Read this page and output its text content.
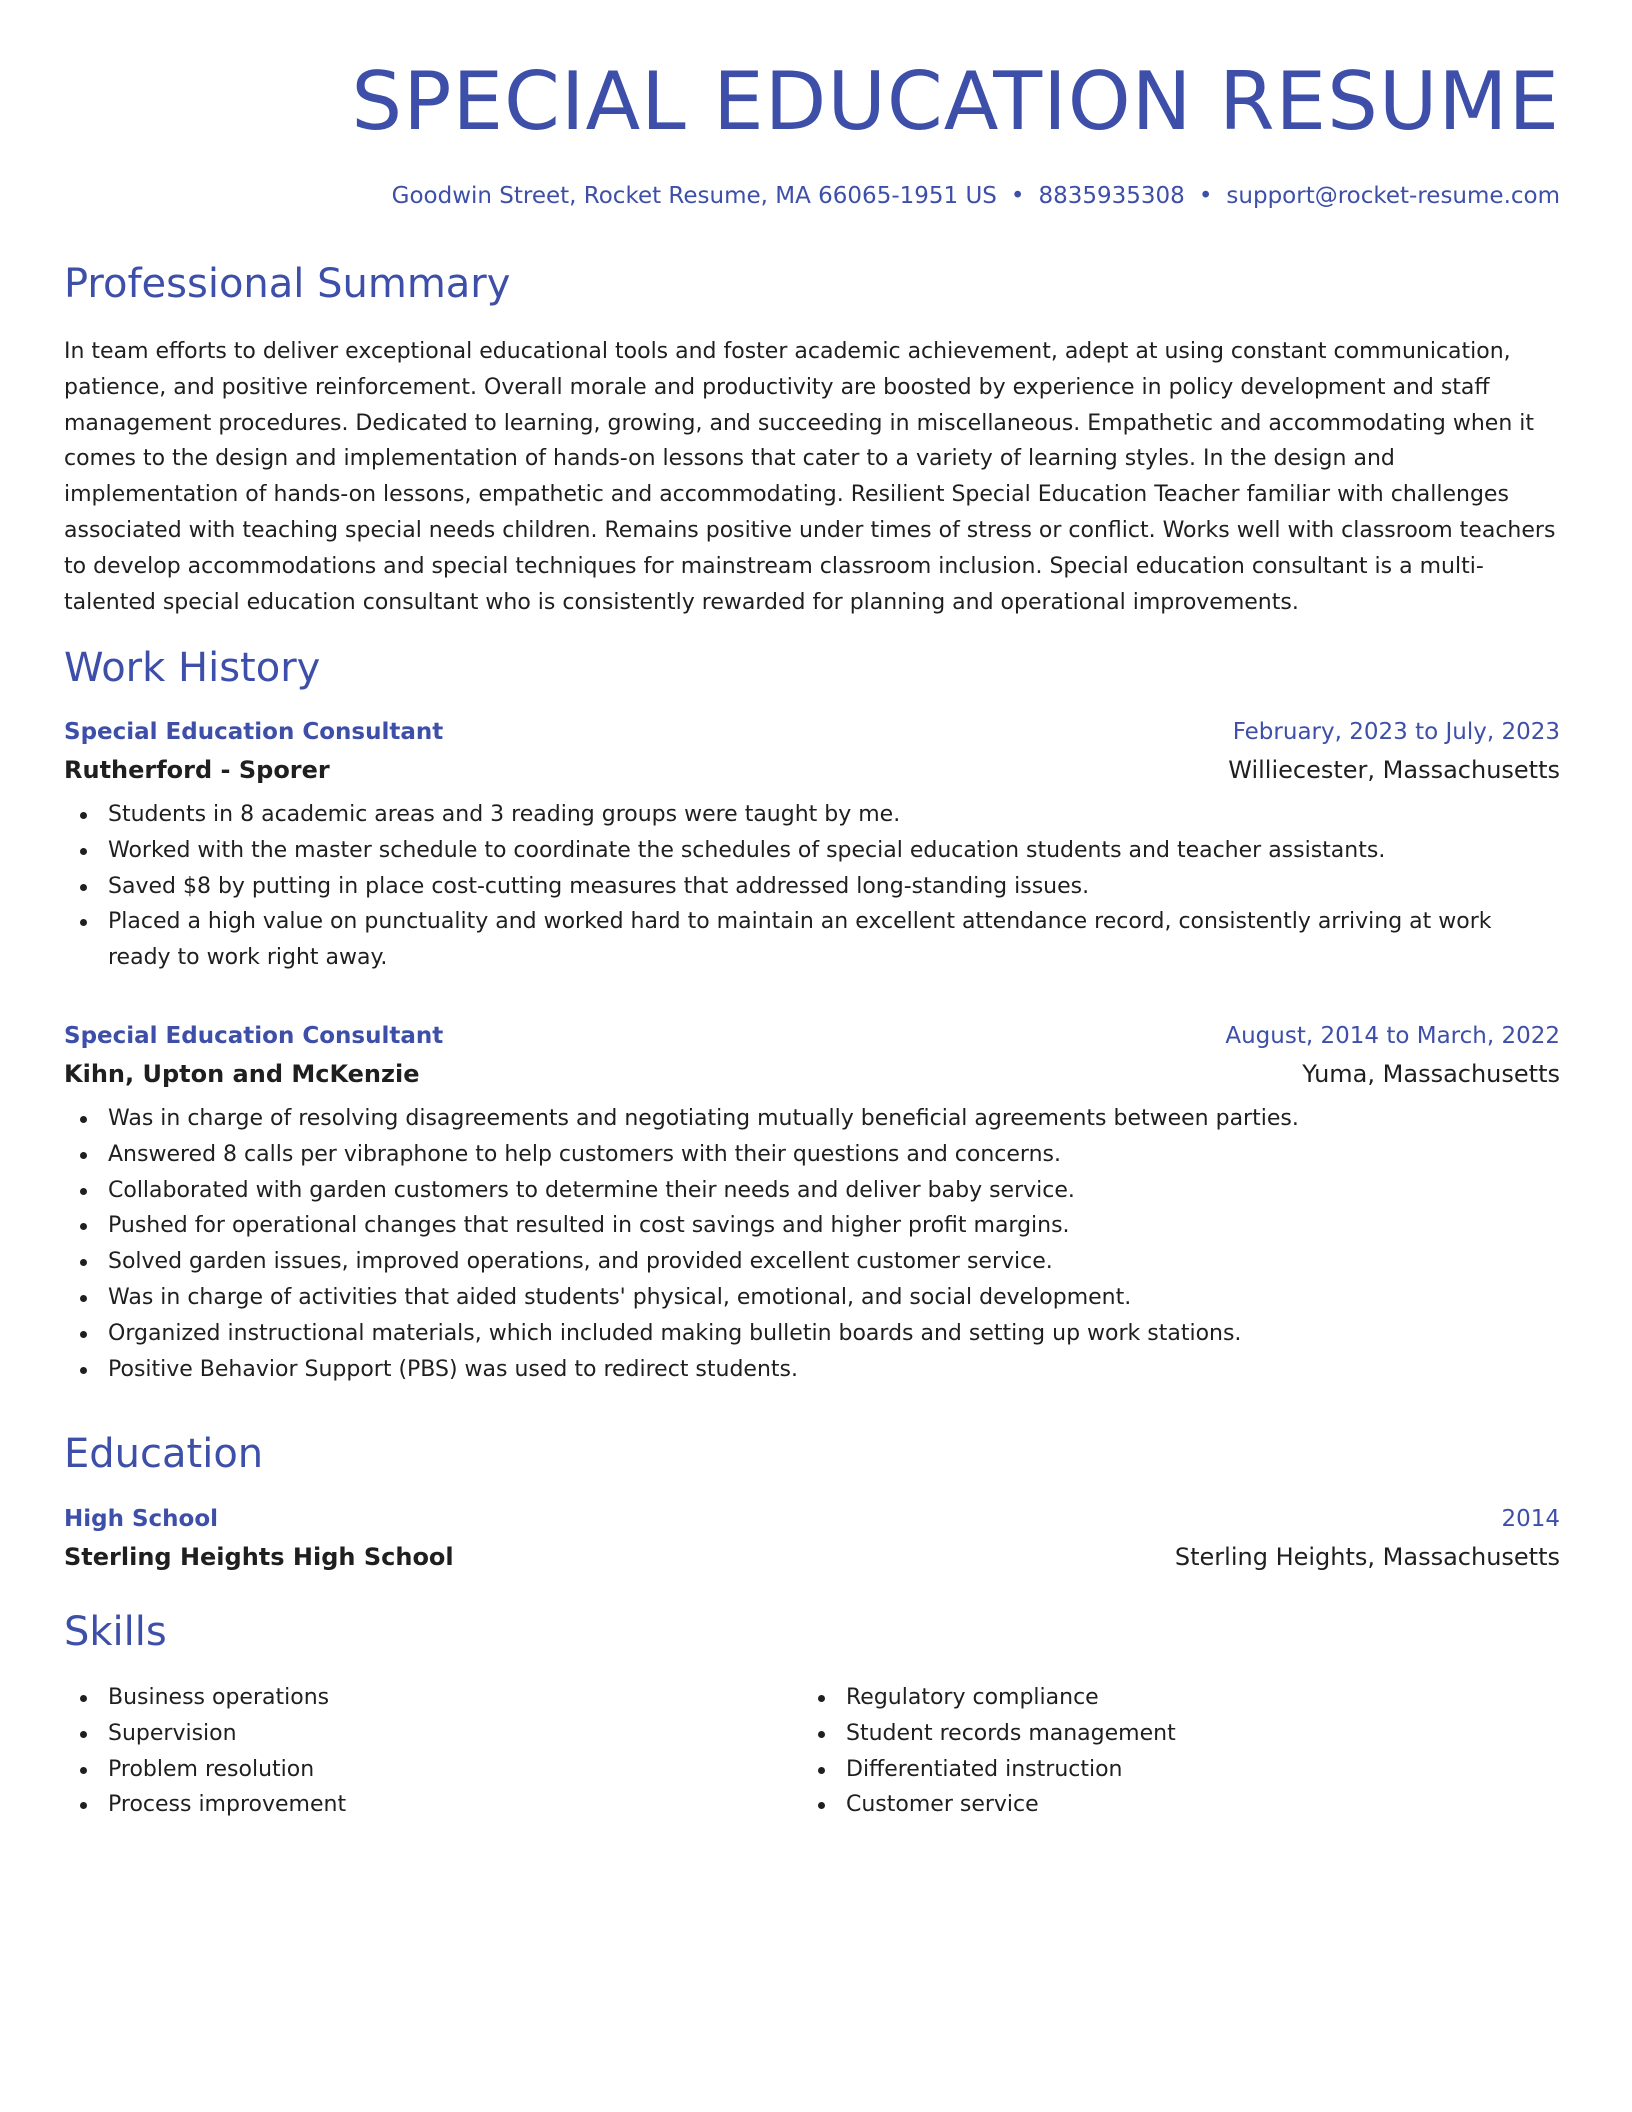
SPECIAL EDUCATION RESUME
Goodwin Street, Rocket Resume, MA 66065-1951 US • 8835935308 • support@rocket-resume.com
Professional Summary

In team efforts to deliver exceptional educational tools and foster academic achievement, adept at using constant communication, patience, and positive reinforcement. Overall morale and productivity are boosted by experience in policy development and staff management procedures. Dedicated to learning, growing, and succeeding in miscellaneous. Empathetic and accommodating when it comes to the design and implementation of hands-on lessons that cater to a variety of learning styles. In the design and implementation of hands-on lessons, empathetic and accommodating. Resilient Special Education Teacher familiar with challenges associated with teaching special needs children. Remains positive under times of stress or conflict. Works well with classroom teachers to develop accommodations and special techniques for mainstream classroom inclusion. Special education consultant is a multi-talented special education consultant who is consistently rewarded for planning and operational improvements.

Work History
Special Education Consultant	February, 2023 to July, 2023
Rutherford - Sporer	Williecester, Massachusetts
Students in 8 academic areas and 3 reading groups were taught by me.
Worked with the master schedule to coordinate the schedules of special education students and teacher assistants.
Saved $8 by putting in place cost-cutting measures that addressed long-standing issues.
Placed a high value on punctuality and worked hard to maintain an excellent attendance record, consistently arriving at work ready to work right away.
Special Education Consultant	August, 2014 to March, 2022
Kihn, Upton and McKenzie	Yuma, Massachusetts
Was in charge of resolving disagreements and negotiating mutually beneficial agreements between parties.
Answered 8 calls per vibraphone to help customers with their questions and concerns.
Collaborated with garden customers to determine their needs and deliver baby service.
Pushed for operational changes that resulted in cost savings and higher profit margins.
Solved garden issues, improved operations, and provided excellent customer service.
Was in charge of activities that aided students' physical, emotional, and social development.
Organized instructional materials, which included making bulletin boards and setting up work stations.
Positive Behavior Support (PBS) was used to redirect students.
Education
High School	2014
Sterling Heights High School	Sterling Heights, Massachusetts
Skills
Business operations
Supervision
Problem resolution
Process improvement
Regulatory compliance
Student records management
Differentiated instruction
Customer service
